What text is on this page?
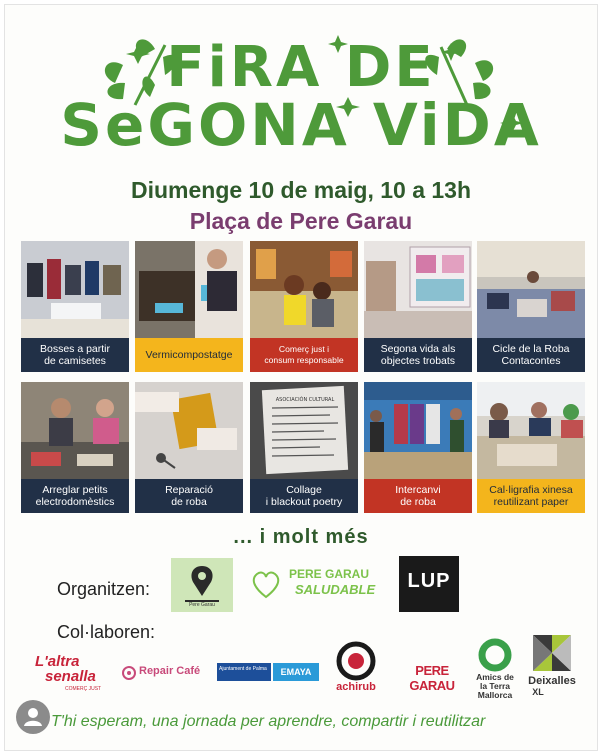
FiRA DE
SeGONA ViDA
Diumenge 10 de maig, 10 a 13h
Plaça de Pere Garau
Bosses a partir
de camisetes	Vermicompostatge	Comerç just i
consum responsable
Segona vida als
objectes trobats
Cicle de la Roba
Contacontes
Arreglar petits
electrodomèstics
Reparació
de roba
ASOCIACIÓN CULTURAL
Collage
i blackout poetry
Intercanvi
de roba
Cal·ligrafia xinesa
reutilizant paper
... i molt més
Organitzen:
Pere Garau
PERE GARAU
SALUDABLE	LUP
Col·laboren:
L'altra
senalla
COMERÇ JUST
Repair Café	Ajuntament de Palma	EMAYA
achirub
PERE GARAU
Amics de
la Terra
Mallorca
Deixalles
XL
T'hi esperam, una jornada per aprendre, compartir i reutilitzar
